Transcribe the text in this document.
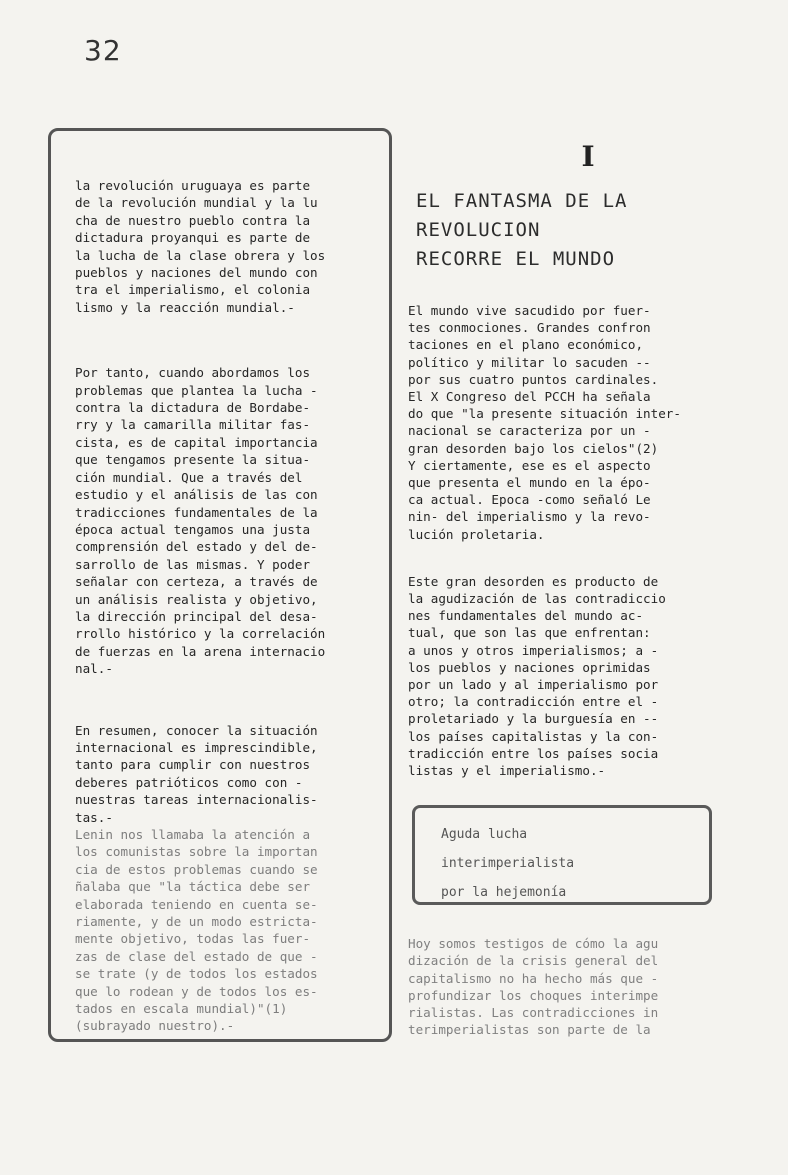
32

la revolución uruguaya es parte
de la revolución mundial y la lu
cha de nuestro pueblo contra la
dictadura proyanqui es parte de
la lucha de la clase obrera y los
pueblos y naciones del mundo con
tra el imperialismo, el colonia
lismo y la reacción mundial.-

Por tanto, cuando abordamos los
problemas que plantea la lucha -
contra la dictadura de Bordabe-
rry y la camarilla militar fas-
cista, es de capital importancia
que tengamos presente la situa-
ción mundial. Que a través del
estudio y el análisis de las con
tradicciones fundamentales de la
época actual tengamos una justa
comprensión del estado y del de-
sarrollo de las mismas. Y poder
señalar con certeza, a través de
un análisis realista y objetivo,
la dirección principal del desa-
rrollo histórico y la correlación
de fuerzas en la arena internacio
nal.-

En resumen, conocer la situación
internacional es imprescindible,
tanto para cumplir con nuestros
deberes patrióticos como con -
nuestras tareas internacionalis-
tas.-

Lenin nos llamaba la atención a
los comunistas sobre la importan
cia de estos problemas cuando se
ñalaba que "la táctica debe ser
elaborada teniendo en cuenta se-
riamente, y de un modo estricta-
mente objetivo, todas las fuer-
zas de clase del estado de que -
se trate (y de todos los estados
que lo rodean y de todos los es-
tados en escala mundial)"(1)
(subrayado nuestro).-

I
EL FANTASMA DE LA
REVOLUCION
RECORRE EL MUNDO

El mundo vive sacudido por fuer-
tes conmociones. Grandes confron
taciones en el plano económico,
político y militar lo sacuden --
por sus cuatro puntos cardinales.
El X Congreso del PCCH ha señala
do que "la presente situación inter-
nacional se caracteriza por un -
gran desorden bajo los cielos"(2)
Y ciertamente, ese es el aspecto
que presenta el mundo en la épo-
ca actual. Epoca -como señaló Le
nin- del imperialismo y la revo-
lución proletaria.

Este gran desorden es producto de
la agudización de las contradiccio
nes fundamentales del mundo ac-
tual, que son las que enfrentan:
a unos y otros imperialismos; a -
los pueblos y naciones oprimidas
por un lado y al imperialismo por
otro; la contradicción entre el -
proletariado y la burguesía en --
los países capitalistas y la con-
tradicción entre los países socia
listas y el imperialismo.-

Aguda lucha
interimperialista
por la hejemonía

Hoy somos testigos de cómo la agu
dización de la crisis general del
capitalismo no ha hecho más que -
profundizar los choques interimpe
rialistas. Las contradicciones in
terimperialistas son parte de la
